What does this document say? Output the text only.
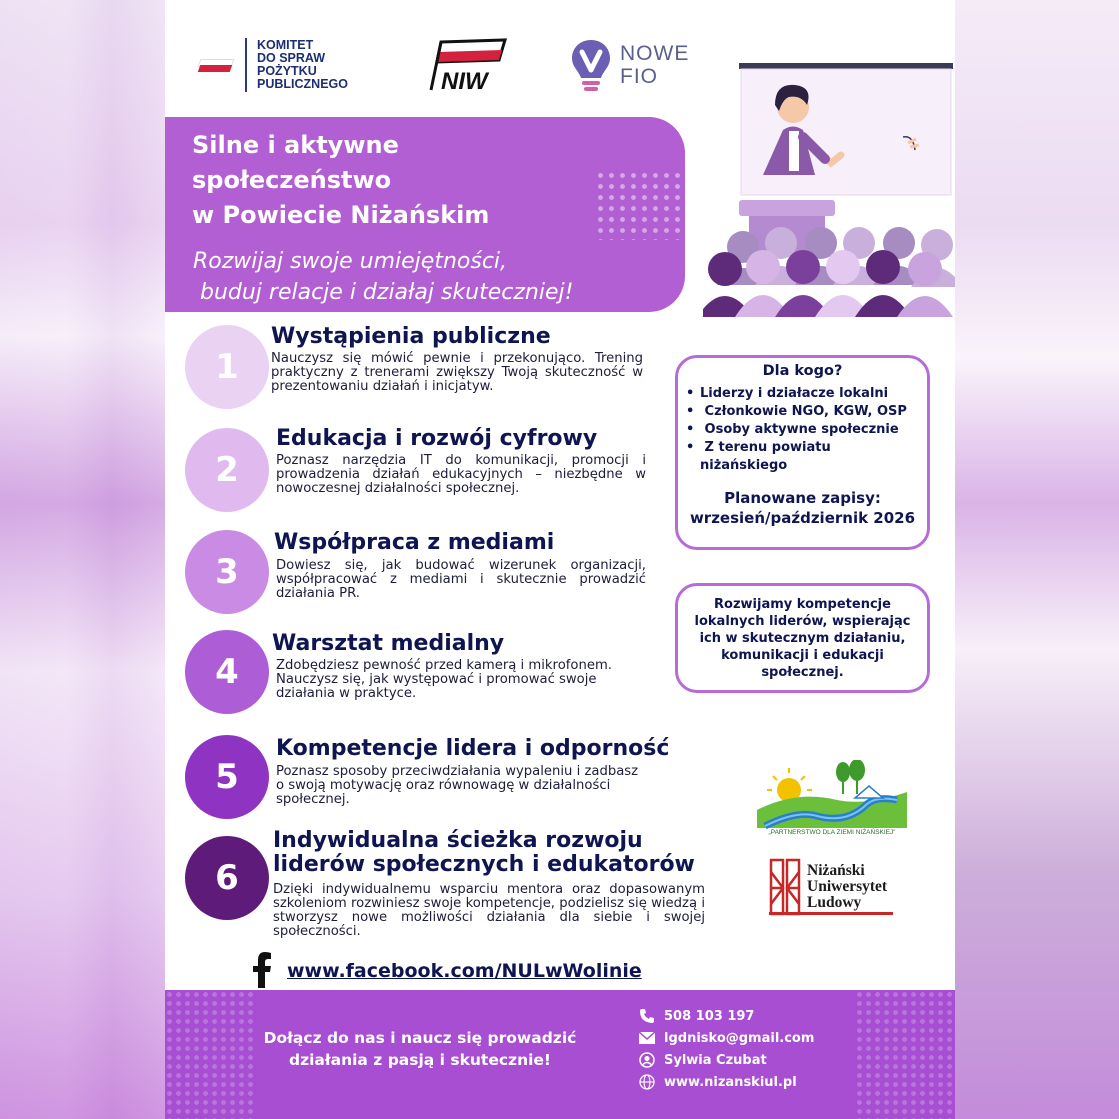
KOMITET
DO SPRAW
POŻYTKU
PUBLICZNEGO	NIW
NOWE
FIO
Silne i aktywne
społeczeństwo
w Powiecie Niżańskim
Rozwijaj swoje umiejętności,
buduj relacje i działaj skuteczniej!
1
Wystąpienia publiczne
Nauczysz się mówić pewnie i przekonująco. Trening praktyczny z trenerami zwiększy Twoją skuteczność w prezentowaniu działań i inicjatyw.
2
Edukacja i rozwój cyfrowy
Poznasz narzędzia IT do komunikacji, promocji i prowadzenia działań edukacyjnych – niezbędne w nowoczesnej działalności społecznej.
3
Współpraca z mediami
Dowiesz się, jak budować wizerunek organizacji, współpracować z mediami i skutecznie prowadzić działania PR.
4
Warsztat medialny
Zdobędziesz pewność przed kamerą i mikrofonem. Nauczysz się, jak występować i promować swoje działania w praktyce.
5
Kompetencje lidera i odporność
Poznasz sposoby przeciwdziałania wypaleniu i zadbasz o swoją motywację oraz równowagę w działalności społecznej.
6
Indywidualna ścieżka rozwoju
liderów społecznych i edukatorów
Dzięki indywidualnemu wsparciu mentora oraz dopasowanym szkoleniom rozwiniesz swoje kompetencje, podzielisz się wiedzą i stworzysz nowe możliwości działania dla siebie i swojej społeczności.
Dla kogo?
• Liderzy i działacze lokalni
•  Członkowie NGO, KGW, OSP
•  Osoby aktywne społecznie
•  Z terenu powiatu
niżańskiego
Planowane zapisy:
wrzesień/październik 2026
Rozwijamy kompetencje lokalnych liderów, wspierając ich w skutecznym działaniu, komunikacji i edukacji społecznej.
„PARTNERSTWO DLA ZIEMI NIŻAŃSKIEJ”
Niżański
Uniwersytet
Ludowy
www.facebook.com/NULwWolinie
Dołącz do nas i naucz się prowadzić
działania z pasją i skutecznie!
508 103 197
lgdnisko@gmail.com
Sylwia Czubat
www.nizanskiul.pl
